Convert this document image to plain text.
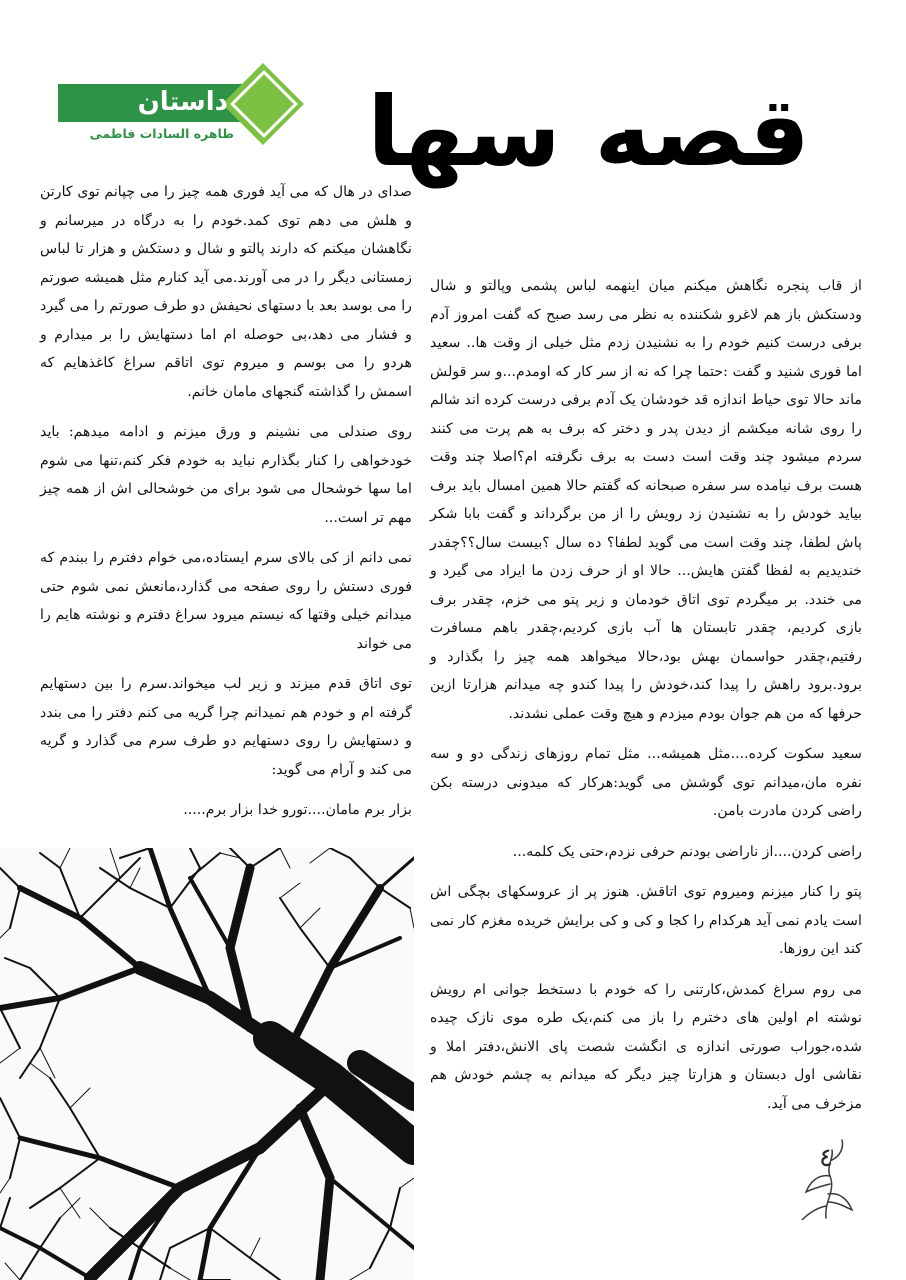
قصه سها
داستان
طاهره السادات فاطمی

صدای در هال که می آید فوری همه چیز را می چپانم توی کارتن و هلش می دهم توی کمد.خودم را به درگاه در میرسانم و نگاهشان میکنم که دارند پالتو و شال و دستکش و هزار تا لباس زمستانی دیگر را در می آورند.می آید کنارم مثل همیشه صورتم را می بوسد بعد با دستهای نحیفش دو طرف صورتم را می گیرد و فشار می دهد،بی حوصله ام اما دستهایش را بر میدارم و هردو را می بوسم و میروم توی اتاقم سراغ کاغذهایم که اسمش را گذاشته گنجهای مامان خانم.

روی صندلی می نشینم و ورق میزنم و ادامه میدهم: باید خودخواهی را کنار بگذارم نباید به خودم فکر کنم،تنها می شوم اما سها خوشحال می شود برای من خوشحالی اش از همه چیز مهم تر است...

نمی دانم از کی بالای سرم ایستاده،می خوام دفترم را ببندم که فوری دستش را روی صفحه می گذارد،مانعش نمی شوم حتی میدانم خیلی وقتها که نیستم میرود سراغ دفترم و نوشته هایم را می خواند

توی اتاق قدم میزند و زیر لب میخواند.سرم را بین دستهایم گرفته ام و خودم هم نمیدانم چرا گریه می کنم دفتر را می بندد و دستهایش را روی دستهایم دو طرف سرم می گذارد و گریه می کند و آرام می گوید:

بزار برم مامان....تورو خدا بزار برم.....

از قاب پنجره نگاهش میکنم میان اینهمه لباس پشمی وپالتو و شال ودستکش باز هم لاغرو شکننده به نظر می رسد صبح که گفت امروز آدم برفی درست کنیم خودم را به نشنیدن زدم مثل خیلی از وقت ها.. سعید اما فوری شنید و گفت :حتما چرا که نه از سر کار که اومدم...و سر قولش ماند حالا توی حیاط اندازه قد خودشان یک آدم برفی درست کرده اند شالم را روی شانه میکشم از دیدن پدر و دختر که برف به هم پرت می کنند سردم میشود چند وقت است دست به برف نگرفته ام؟اصلا چند وقت هست برف نیامده سر سفره صبحانه که گفتم حالا همین امسال باید برف بیاید خودش را به نشنیدن زد رویش را از من برگرداند و گفت بابا شکر پاش لطفا، چند وقت است می گوید لطفا؟ ده سال ؟بیست سال؟؟چقدر خندیدیم به لفظا گفتن هایش... حالا او از حرف زدن ما ایراد می گیرد و می خندد. بر میگردم توی اتاق خودمان و زیر پتو می خزم، چقدر برف بازی کردیم، چقدر تابستان ها آب بازی کردیم،چقدر باهم مسافرت رفتیم،چقدر حواسمان بهش بود،حالا میخواهد همه چیز را بگذارد و برود.برود راهش را پیدا کند،خودش را پیدا کندو چه میدانم هزارتا ازین حرفها که من هم جوان بودم میزدم و هیچ وقت عملی نشدند.

سعید سکوت کرده....مثل همیشه... مثل تمام روزهای زندگی دو و سه نفره مان،میدانم توی گوشش می گوید:هرکار که میدونی درسته بکن راضی کردن مادرت بامن.

راضی کردن....از ناراضی بودنم حرفی نزدم،حتی یک کلمه...

پتو را کنار میزنم ومیروم توی اتاقش. هنوز پر از عروسکهای بچگی اش است یادم نمی آید هرکدام را کجا و کی و کی برایش خریده مغزم کار نمی کند این روزها.

می روم سراغ کمدش،کارتنی را که خودم با دستخط جوانی ام رویش نوشته ام اولین های دخترم را باز می کنم،یک طره موی نازک چیده شده،جوراب صورتی اندازه ی انگشت شصت پای الانش،دفتر املا و نقاشی اول دبستان و هزارتا چیز دیگر که میدانم به چشم خودش هم مزخرف می آید.

٤
